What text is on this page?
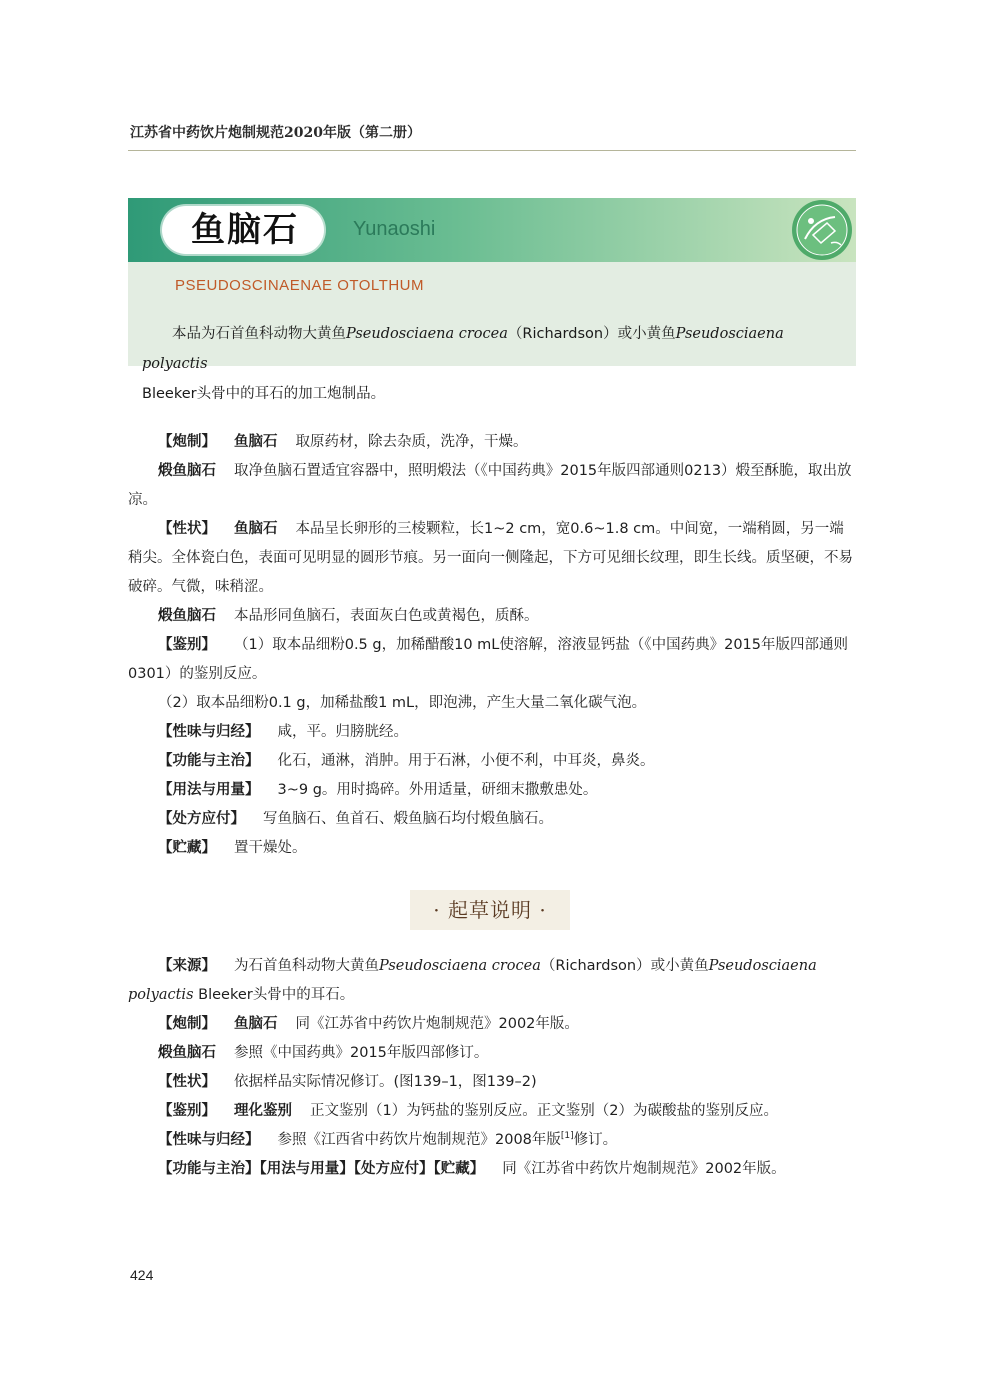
江苏省中药饮片炮制规范2020年版（第二册）
鱼脑石	Yunaoshi
PSEUDOSCINAENAE OTOLTHUM

本品为石首鱼科动物大黄鱼Pseudosciaena crocea（Richardson）或小黄鱼Pseudosciaena polyactis
Bleeker头骨中的耳石的加工炮制品。

【炮制】 鱼脑石 取原药材，除去杂质，洗净，干燥。

煅鱼脑石 取净鱼脑石置适宜容器中，照明煅法（《中国药典》2015年版四部通则0213）煅至酥脆，取出放凉。

【性状】 鱼脑石 本品呈长卵形的三棱颗粒，长1~2 cm，宽0.6~1.8 cm。中间宽，一端稍圆，另一端稍尖。全体瓷白色，表面可见明显的圆形节痕。另一面向一侧隆起，下方可见细长纹理，即生长线。质坚硬，不易破碎。气微，味稍涩。

煅鱼脑石 本品形同鱼脑石，表面灰白色或黄褐色，质酥。

【鉴别】 （1）取本品细粉0.5 g，加稀醋酸10 mL使溶解，溶液显钙盐（《中国药典》2015年版四部通则0301）的鉴别反应。

（2）取本品细粉0.1 g，加稀盐酸1 mL，即泡沸，产生大量二氧化碳气泡。

【性味与归经】 咸，平。归膀胱经。

【功能与主治】 化石，通淋，消肿。用于石淋，小便不利，中耳炎，鼻炎。

【用法与用量】 3~9 g。用时捣碎。外用适量，研细末撒敷患处。

【处方应付】 写鱼脑石、鱼首石、煅鱼脑石均付煅鱼脑石。

【贮藏】 置干燥处。

· 起草说明 ·

【来源】 为石首鱼科动物大黄鱼Pseudosciaena crocea（Richardson）或小黄鱼Pseudosciaena polyactis Bleeker头骨中的耳石。

【炮制】 鱼脑石 同《江苏省中药饮片炮制规范》2002年版。

煅鱼脑石 参照《中国药典》2015年版四部修订。

【性状】 依据样品实际情况修订。(图139–1，图139–2)

【鉴别】 理化鉴别 正文鉴别（1）为钙盐的鉴别反应。正文鉴别（2）为碳酸盐的鉴别反应。

【性味与归经】 参照《江西省中药饮片炮制规范》2008年版[1]修订。

【功能与主治】【用法与用量】【处方应付】【贮藏】 同《江苏省中药饮片炮制规范》2002年版。

424
